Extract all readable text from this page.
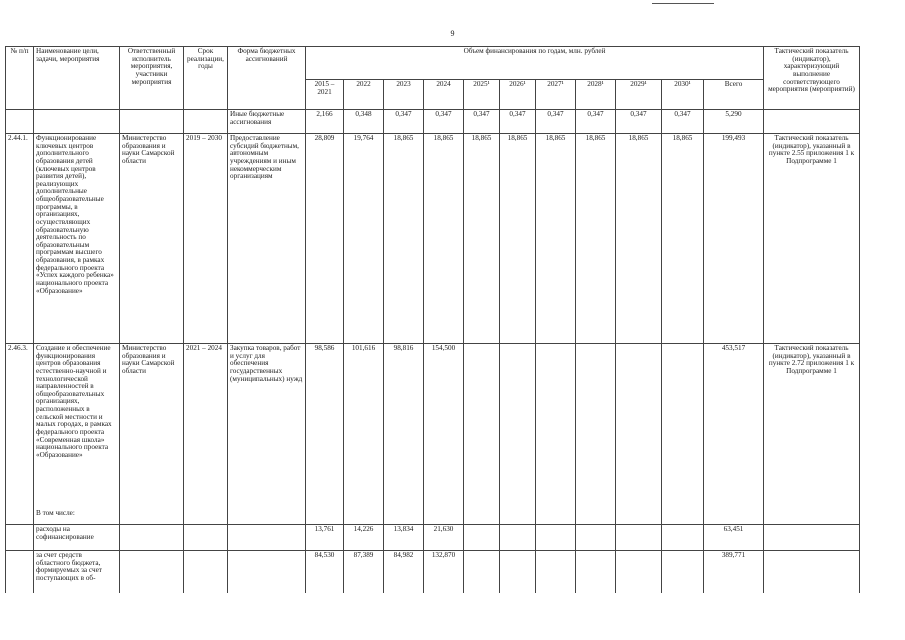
9
№ п/п	Наименование цели, задачи, мероприятия	Ответственный исполнитель мероприятия, участники мероприятия	Срок реализации, годы	Форма бюджетных ассигнований	Объем финансирования по годам, млн. рублей											Тактический показатель (индикатор), характеризующий выполнение соответствующего мероприятия (мероприятий)
					2015 – 2021	2022	2023	2024	2025¹	2026¹	2027¹	2028¹	2029¹	2030¹	Всего	
				Иные бюджетные ассигнования	2,166	0,348	0,347	0,347	0,347	0,347	0,347	0,347	0,347	0,347	5,290	
2.44.1.	Функционирование ключевых центров дополнительного образования детей (ключевых центров развития детей), реализующих дополнительные общеобразовательные программы, в организациях, осуществляющих образовательную деятельность по образовательным программам высшего образования, в рамках федерального проекта «Успех каждого ребенка» национального проекта «Образование»	Министерство образования и науки Самарской области	2019 – 2030	Предоставление субсидий бюджетным, автономным учреждениям и иным некоммерческим организациям	28,809	19,764	18,865	18,865	18,865	18,865	18,865	18,865	18,865	18,865	199,493	Тактический показатель (индикатор), указанный в пункте 2.55 приложения 1 к Подпрограмме 1
2.46.3.	Создание и обеспечение функционирования центров образования естественно-научной и технологической направленностей в общеобразовательных организациях, расположенных в сельской местности и малых городах, в рамках федерального проекта «Современная школа» национального проекта «Образование»	Министерство образования и науки Самарской области	2021 – 2024	Закупка товаров, работ и услуг для обеспечения государственных (муниципальных) нужд	98,586	101,616	98,816	154,500							453,517	Тактический показатель (индикатор), указанный в пункте 2.72 приложения 1 к Подпрограмме 1
	В том числе:															
	расходы на софинансирование				13,761	14,226	13,834	21,630							63,451	
	за счет средств областного бюджета, формируемых за счет поступающих в об-				84,530	87,389	84,982	132,870							389,771	
